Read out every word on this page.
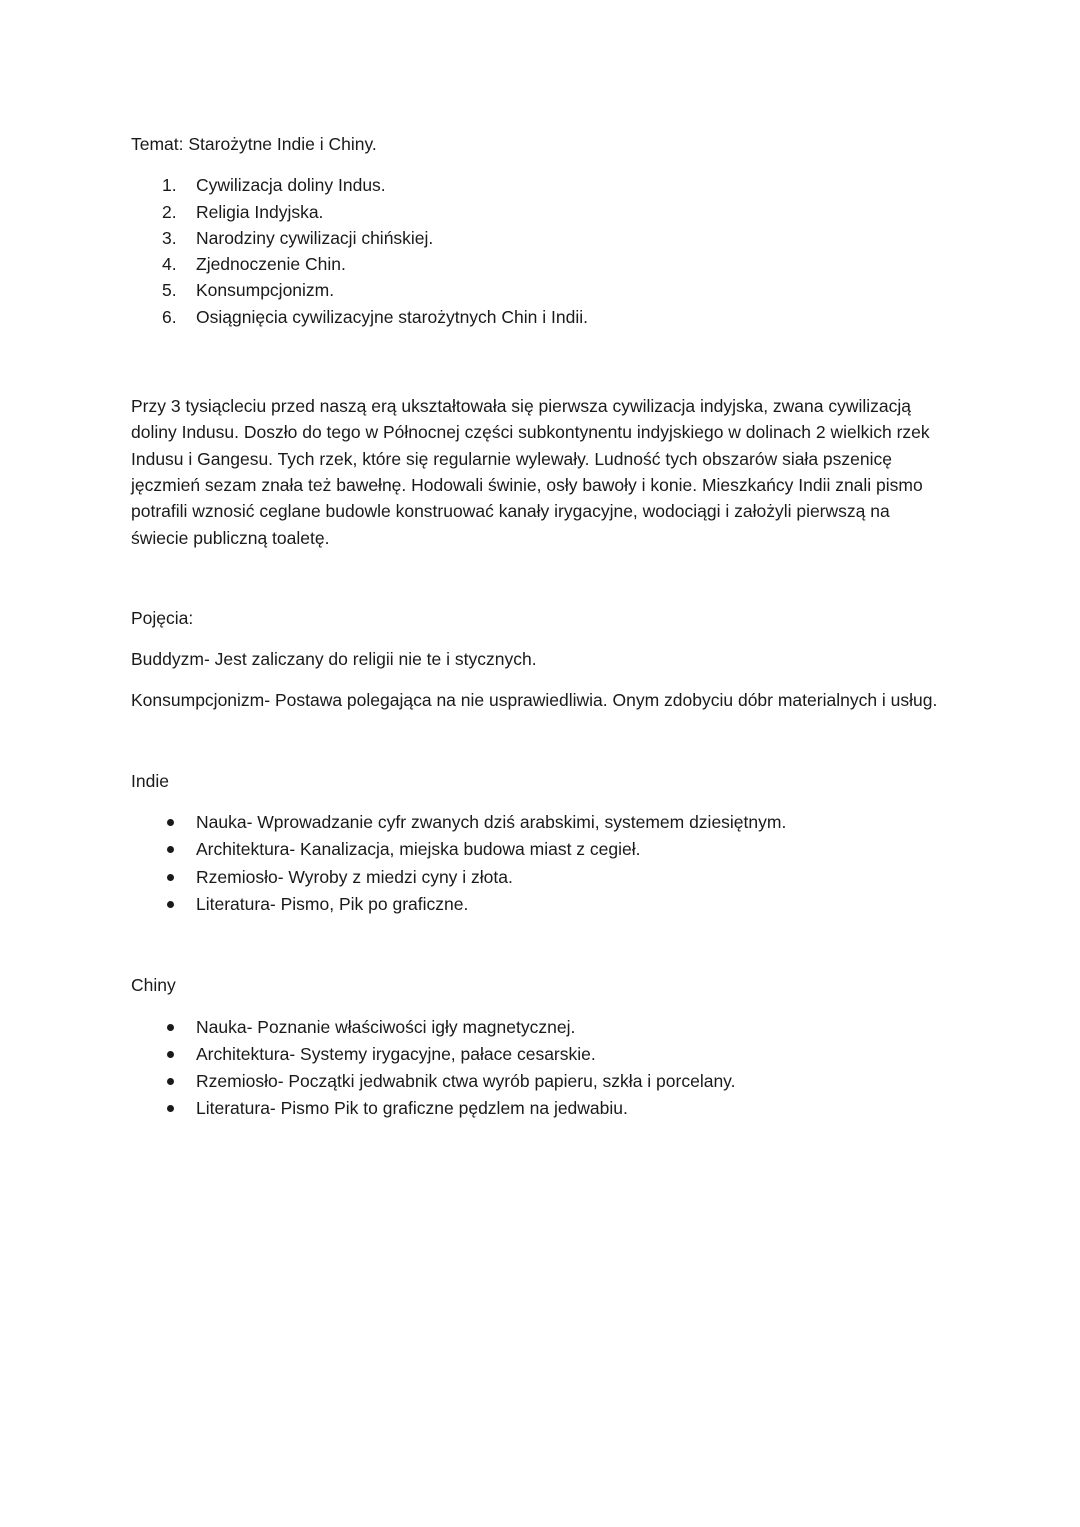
Temat: Starożytne Indie i Chiny.

1. Cywilizacja doliny Indus.
2. Religia Indyjska.
3. Narodziny cywilizacji chińskiej.
4. Zjednoczenie Chin.
5. Konsumpcjonizm.
6. Osiągnięcia cywilizacyjne starożytnych Chin i Indii.

Przy 3 tysiącleciu przed naszą erą ukształtowała się pierwsza cywilizacja indyjska, zwana cywilizacją doliny Indusu. Doszło do tego w Północnej części subkontynentu indyjskiego w dolinach 2 wielkich rzek Indusu i Gangesu. Tych rzek, które się regularnie wylewały. Ludność tych obszarów siała pszenicę jęczmień sezam znała też bawełnę. Hodowali świnie, osły bawoły i konie. Mieszkańcy Indii znali pismo potrafili wznosić ceglane budowle konstruować kanały irygacyjne, wodociągi i założyli pierwszą na świecie publiczną toaletę.

Pojęcia:

Buddyzm- Jest zaliczany do religii nie te i stycznych.

Konsumpcjonizm- Postawa polegająca na nie usprawiedliwia. Onym zdobyciu dóbr materialnych i usług.

Indie

Nauka- Wprowadzanie cyfr zwanych dziś arabskimi, systemem dziesiętnym.
Architektura- Kanalizacja, miejska budowa miast z cegieł.
Rzemiosło- Wyroby z miedzi cyny i złota.
Literatura- Pismo, Pik po graficzne.

Chiny

Nauka- Poznanie właściwości igły magnetycznej.
Architektura- Systemy irygacyjne, pałace cesarskie.
Rzemiosło- Początki jedwabnik ctwa wyrób papieru, szkła i porcelany.
Literatura- Pismo Pik to graficzne pędzlem na jedwabiu.
